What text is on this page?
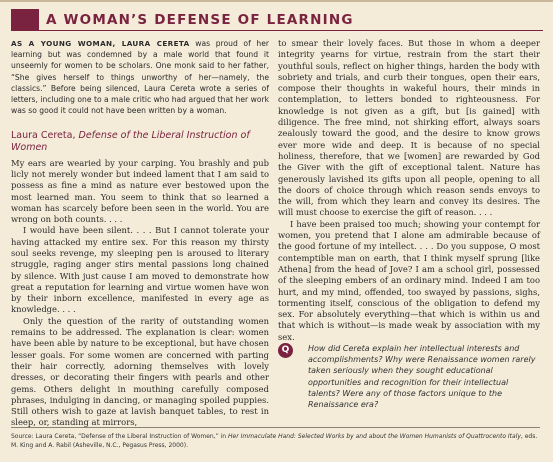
A WOMAN’S DEFENSE OF LEARNING

AS A YOUNG WOMAN, LAURA CERETA was proud of her learning but was condemned by a male world that found it unseemly for women to be scholars. One monk said to her father, “She gives herself to things unworthy of her—namely, the classics.” Before being silenced, Laura Cereta wrote a series of letters, including one to a male critic who had argued that her work was so good it could not have been written by a woman.

Laura Cereta, Defense of the Liberal Instruction of Women

My ears are wearied by your carping. You brashly and pub licly not merely wonder but indeed lament that I am said to possess as fine a mind as nature ever bestowed upon the most learned man. You seem to think that so learned a woman has scarcely before been seen in the world. You are wrong on both counts. . . .

I would have been silent. . . . But I cannot tolerate your having attacked my entire sex. For this reason my thirsty soul seeks revenge, my sleeping pen is aroused to literary struggle, raging anger stirs mental passions long chained by silence. With just cause I am moved to demonstrate how great a reputation for learning and virtue women have won by their inborn excellence, manifested in every age as knowledge. . . .

Only the question of the rarity of outstanding women remains to be addressed. The explanation is clear: women have been able by nature to be exceptional, but have chosen lesser goals. For some women are concerned with parting their hair correctly, adorning themselves with lovely dresses, or decorating their fingers with pearls and other gems. Others delight in mouthing carefully composed phrases, indulging in dancing, or managing spoiled puppies. Still others wish to gaze at lavish banquet tables, to rest in sleep, or, standing at mirrors,

to smear their lovely faces. But those in whom a deeper integrity yearns for virtue, restrain from the start their youthful souls, reflect on higher things, harden the body with sobriety and trials, and curb their tongues, open their ears, compose their thoughts in wakeful hours, their minds in contemplation, to letters bonded to righteousness. For knowledge is not given as a gift, but [is gained] with diligence. The free mind, not shirking effort, always soars zealously toward the good, and the desire to know grows ever more wide and deep. It is because of no special holiness, therefore, that we [women] are rewarded by God the Giver with the gift of exceptional talent. Nature has generously lavished its gifts upon all people, opening to all the doors of choice through which reason sends envoys to the will, from which they learn and convey its desires. The will must choose to exercise the gift of reason. . . .

I have been praised too much; showing your contempt for women, you pretend that I alone am admirable because of the good fortune of my intellect. . . . Do you suppose, O most contemptible man on earth, that I think myself sprung [like Athena] from the head of Jove? I am a school girl, possessed of the sleeping embers of an ordinary mind. Indeed I am too hurt, and my mind, offended, too swayed by passions, sighs, tormenting itself, conscious of the obligation to defend my sex. For absolutely everything—that which is within us and that which is without—is made weak by association with my sex.

Q	How did Cereta explain her intellectual interests and accomplishments? Why were Renaissance women rarely taken seriously when they sought educational opportunities and recognition for their intellectual talents? Were any of those factors unique to the Renaissance era?

Source: Laura Cereta, “Defense of the Liberal Instruction of Women,” in Her Immaculate Hand: Selected Works by and about the Women Humanists of Quattrocento Italy, eds. M. King and A. Rabil (Asheville, N.C., Pegasus Press, 2000).
